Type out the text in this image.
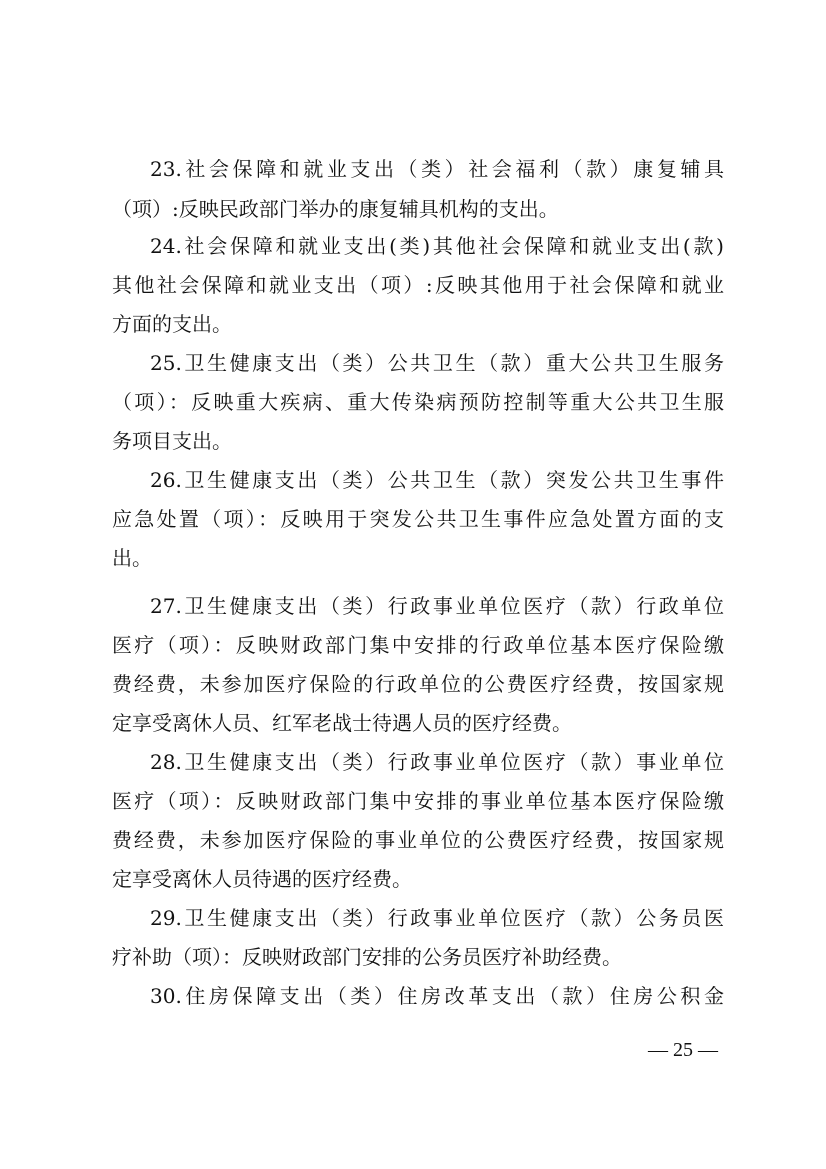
23.社会保障和就业支出（类）社会福利（款）康复辅具
（项）:反映民政部门举办的康复辅具机构的支出。
24.社会保障和就业支出(类)其他社会保障和就业支出(款)
其他社会保障和就业支出（项）:反映其他用于社会保障和就业
方面的支出。
25.卫生健康支出（类）公共卫生（款）重大公共卫生服务
（项）：反映重大疾病、重大传染病预防控制等重大公共卫生服
务项目支出。
26.卫生健康支出（类）公共卫生（款）突发公共卫生事件
应急处置（项）：反映用于突发公共卫生事件应急处置方面的支
出。
27.卫生健康支出（类）行政事业单位医疗（款）行政单位
医疗（项）：反映财政部门集中安排的行政单位基本医疗保险缴
费经费，未参加医疗保险的行政单位的公费医疗经费，按国家规
定享受离休人员、红军老战士待遇人员的医疗经费。
28.卫生健康支出（类）行政事业单位医疗（款）事业单位
医疗（项）：反映财政部门集中安排的事业单位基本医疗保险缴
费经费，未参加医疗保险的事业单位的公费医疗经费，按国家规
定享受离休人员待遇的医疗经费。
29.卫生健康支出（类）行政事业单位医疗（款）公务员医
疗补助（项）：反映财政部门安排的公务员医疗补助经费。
30.住房保障支出（类）住房改革支出（款）住房公积金
— 25 —
